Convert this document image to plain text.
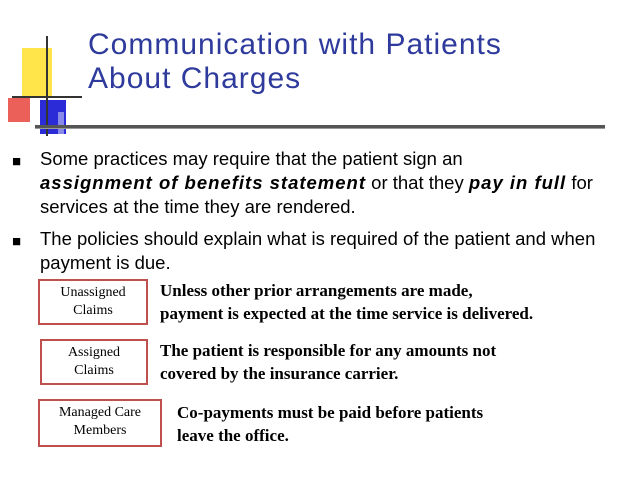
Communication with Patients
About Charges
■ Some practices may require that the patient sign an
assignment of benefits statement or that they pay in full for services at the time they are rendered.
■ The policies should explain what is required of the patient and when payment is due.
Unassigned
Claims
Unless other prior arrangements are made,
payment is expected at the time service is delivered.
Assigned
Claims
The patient is responsible for any amounts not
covered by the insurance carrier.
Managed Care
Members
Co-payments must be paid before patients
leave the office.
